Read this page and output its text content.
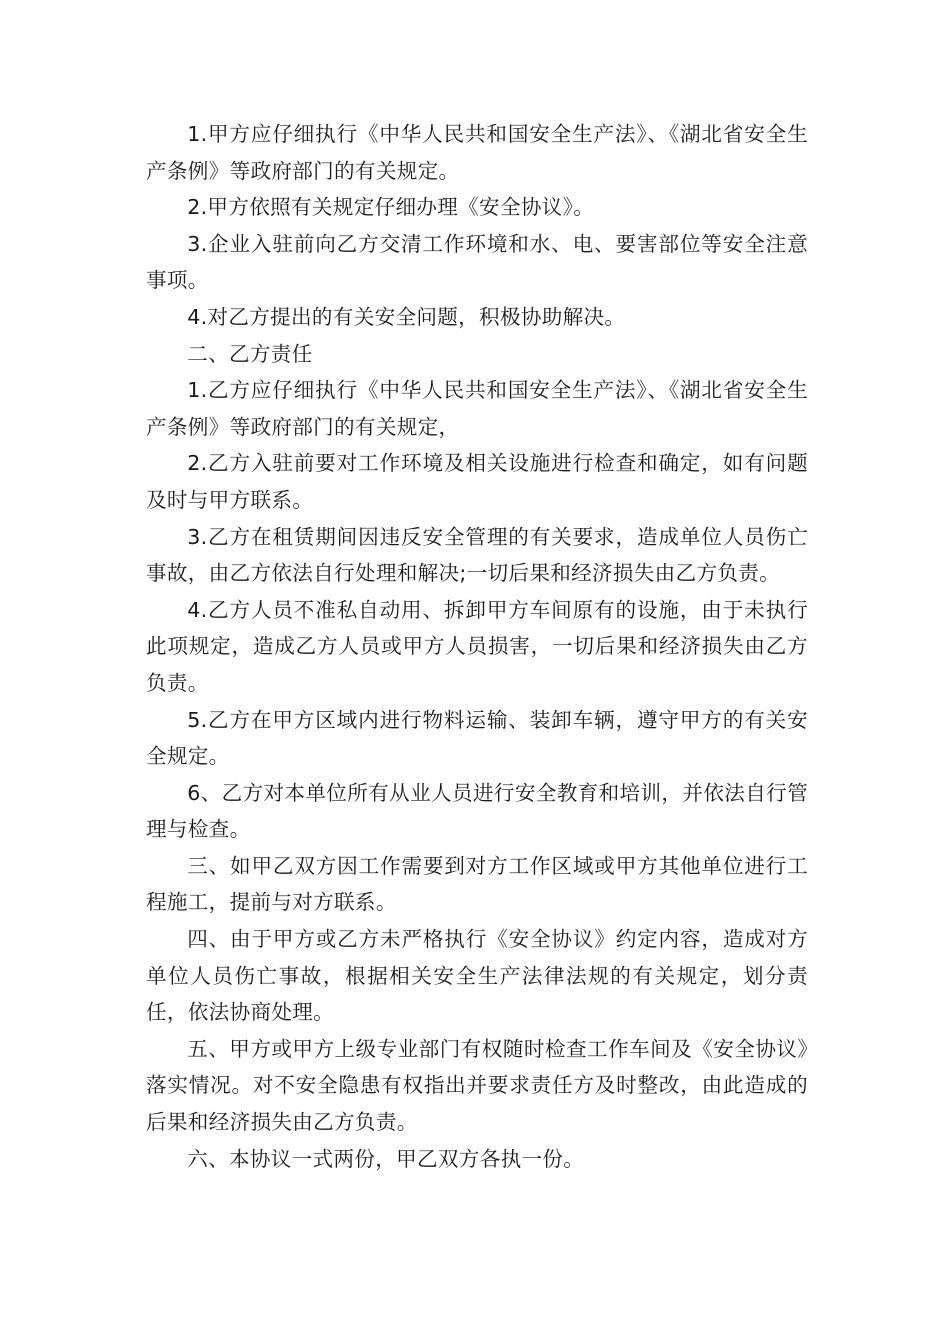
1.甲方应仔细执行《中华人民共和国安全生产法》、《湖北省安全生产条例》等政府部门的有关规定。

2.甲方依照有关规定仔细办理《安全协议》。

3.企业入驻前向乙方交清工作环境和水、电、要害部位等安全注意事项。

4.对乙方提出的有关安全问题，积极协助解决。

二、乙方责任

1.乙方应仔细执行《中华人民共和国安全生产法》、《湖北省安全生产条例》等政府部门的有关规定，

2.乙方入驻前要对工作环境及相关设施进行检查和确定，如有问题及时与甲方联系。

3.乙方在租赁期间因违反安全管理的有关要求，造成单位人员伤亡事故，由乙方依法自行处理和解决;一切后果和经济损失由乙方负责。

4.乙方人员不准私自动用、拆卸甲方车间原有的设施，由于未执行此项规定，造成乙方人员或甲方人员损害，一切后果和经济损失由乙方负责。

5.乙方在甲方区域内进行物料运输、装卸车辆，遵守甲方的有关安全规定。

6、乙方对本单位所有从业人员进行安全教育和培训，并依法自行管理与检查。

三、如甲乙双方因工作需要到对方工作区域或甲方其他单位进行工程施工，提前与对方联系。

四、由于甲方或乙方未严格执行《安全协议》约定内容，造成对方单位人员伤亡事故，根据相关安全生产法律法规的有关规定，划分责任，依法协商处理。

五、甲方或甲方上级专业部门有权随时检查工作车间及《安全协议》落实情况。对不安全隐患有权指出并要求责任方及时整改，由此造成的后果和经济损失由乙方负责。

六、本协议一式两份，甲乙双方各执一份。
